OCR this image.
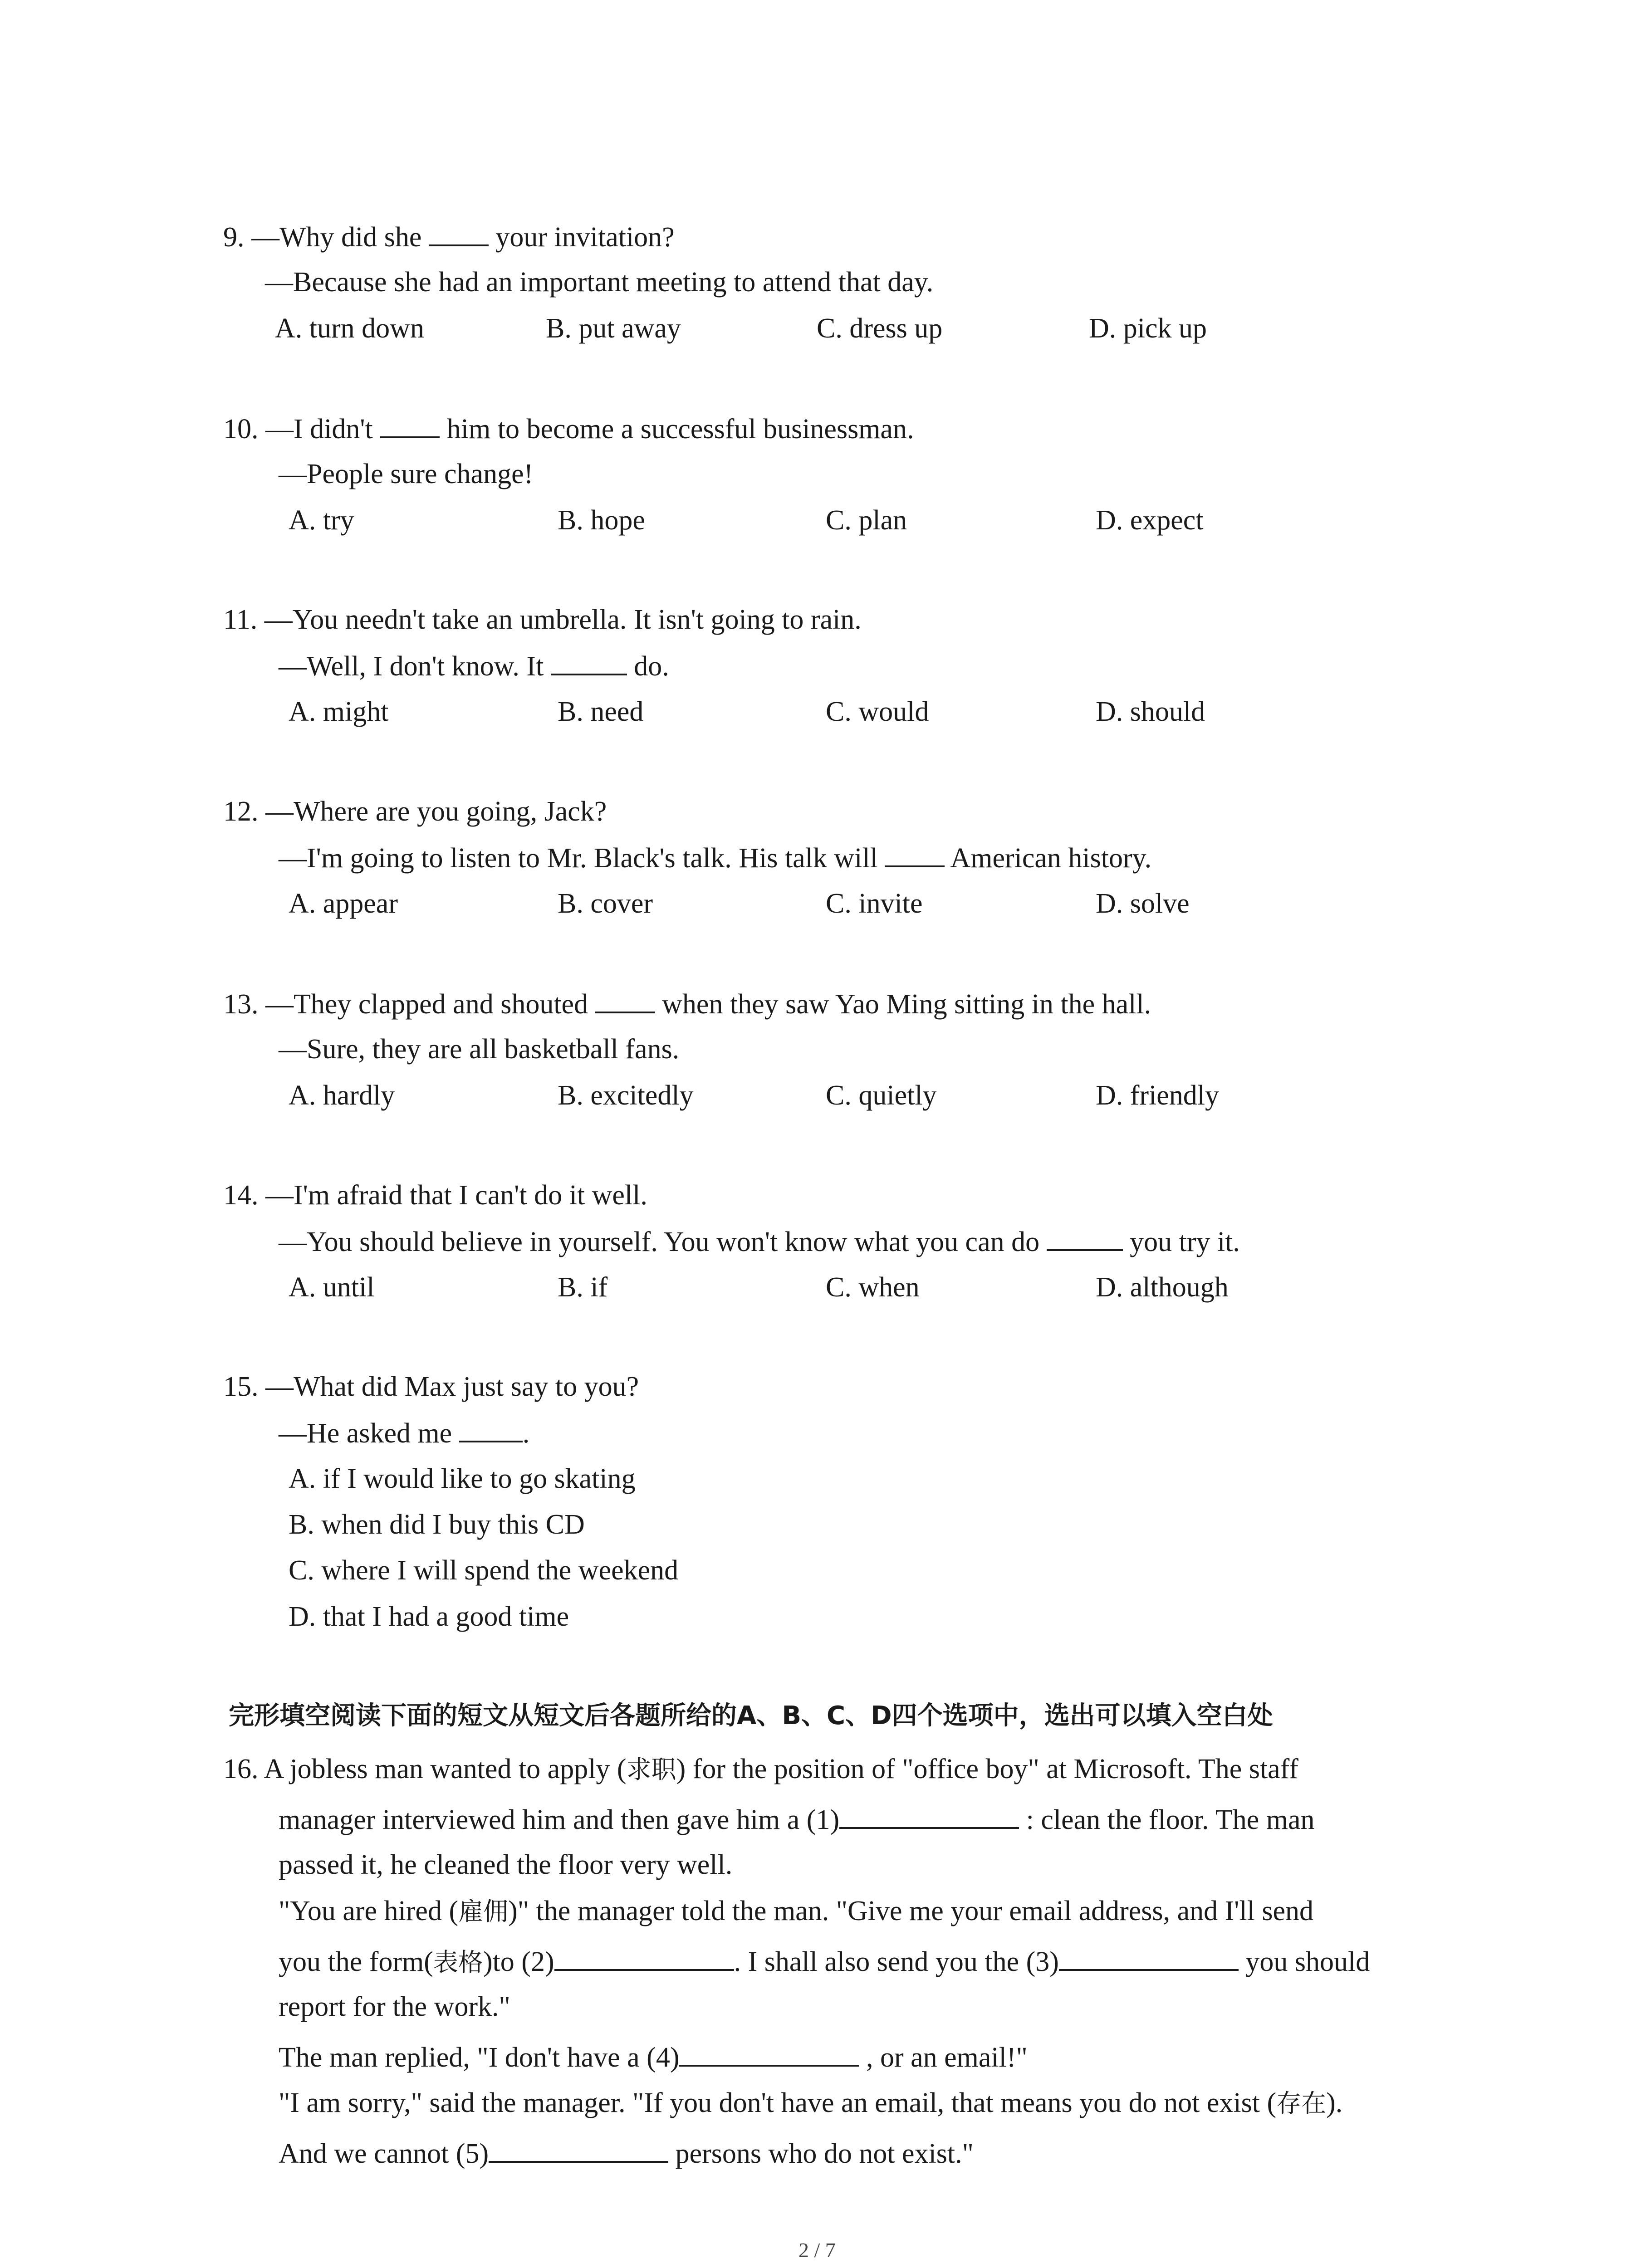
9. —Why did she	your invitation?
—Because she had an important meeting to attend that day.
A. turn down	B. put away	C. dress up	D. pick up
10. —I didn't	him to become a successful businessman.
—People sure change!
A. try	B. hope	C. plan	D. expect
11. —You needn't take an umbrella. It isn't going to rain.
—Well, I don't know. It	do.
A. might	B. need	C. would	D. should
12. —Where are you going, Jack?
—I'm going to listen to Mr. Black's talk. His talk will	American history.
A. appear	B. cover	C. invite	D. solve
13. —They clapped and shouted	when they saw Yao Ming sitting in the hall.
—Sure, they are all basketball fans.
A. hardly	B. excitedly	C. quietly	D. friendly
14. —I'm afraid that I can't do it well.
—You should believe in yourself. You won't know what you can do	you try it.
A. until	B. if	C. when	D. although
15. —What did Max just say to you?
—He asked me	.
A. if I would like to go skating
B. when did I buy this CD
C. where I will spend the weekend
D. that I had a good time
完形填空阅读下面的短文从短文后各题所给的A、B、C、D四个选项中，选出可以填入空白处
16. A jobless man wanted to apply (求职) for the position of "office boy" at Microsoft. The staff
manager interviewed him and then gave him a (1)	: clean the floor. The man
passed it, he cleaned the floor very well.
"You are hired (雇佣)" the manager told the man. "Give me your email address, and I'll send
you the form(表格)to (2)	. I shall also send you the (3)	you should
report for the work."
The man replied, "I don't have a (4)	, or an email!"
"I am sorry," said the manager. "If you don't have an email, that means you do not exist (存在).
And we cannot (5)	persons who do not exist."
2 / 7
